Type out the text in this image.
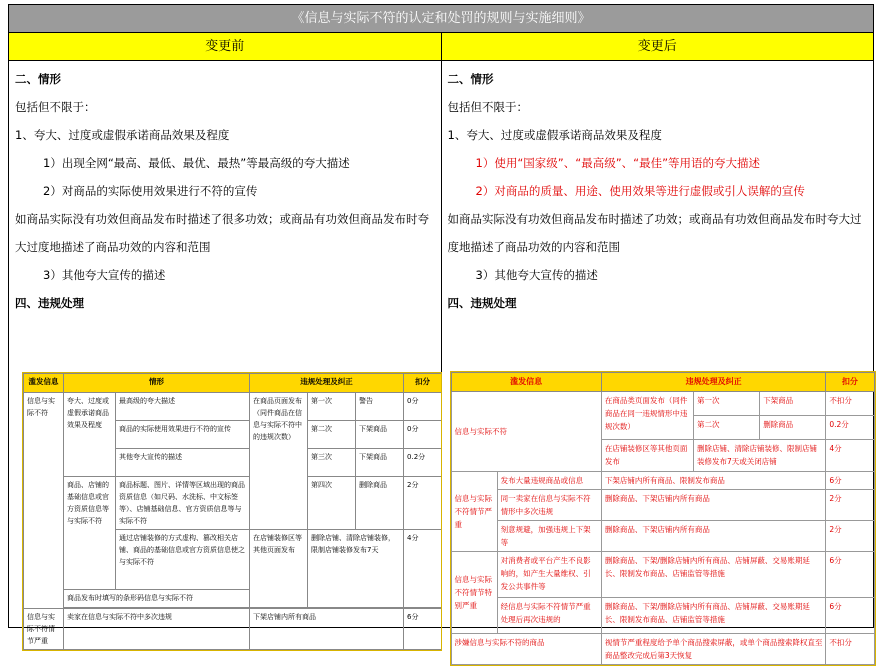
《信息与实际不符的认定和处罚的规则与实施细则》
变更前	变更后
二、情形
包括但不限于：
1、夸大、过度或虚假承诺商品效果及程度
1）出现全网“最高、最低、最优、最热”等最高级的夸大描述
2）对商品的实际使用效果进行不符的宣传
如商品实际没有功效但商品发布时描述了很多功效；或商品有功效但商品发布时夸大过度地描述了商品功效的内容和范围
3）其他夸大宣传的描述
四、违规处理
滥发信息	情形		违规处理及纠正			扣分
信息与实际不符	夸大、过度或虚假承诺商品效果及程度	最高级的夸大描述	在商品页面发布（同件商品在信息与实际不符中的违规次数）	第一次	警告	0分
		商品的实际使用效果进行不符的宣传		第二次	下架商品	0分
		其他夸大宣传的描述		第三次	下架商品	0.2分
	商品、店铺的基础信息或官方资质信息等与实际不符	商品标题、图片、详情等区域出现的商品资质信息（如尺码、水洗标、中文标签等）、店铺基础信息、官方资质信息等与实际不符		第四次	删除商品	2分
		通过店铺装修的方式虚构、篡改相关店铺、商品的基础信息或官方资质信息使之与实际不符	在店铺装修区等其他页面发布	删除店铺、清除店铺装修，限制店铺装修发布7天		4分
	商品发布时填写的条形码信息与实际不符					

信息与实际不符情节严重	卖家在信息与实际不符中多次违规		下架店铺内所有商品			6分
二、情形
包括但不限于：
1、夸大、过度或虚假承诺商品效果及程度
1）使用“国家级”、“最高级”、“最佳”等用语的夸大描述
2）对商品的质量、用途、使用效果等进行虚假或引人误解的宣传
如商品实际没有功效但商品发布时描述了功效；或商品有功效但商品发布时夸大过度地描述了商品功效的内容和范围
3）其他夸大宣传的描述
四、违规处理
滥发信息		违规处理及纠正			扣分
信息与实际不符		在商品类页面发布（同件商品在同一违规情形中违规次数）	第一次	下架商品	不扣分
			第二次	删除商品	0.2分
		在店铺装修区等其他页面发布	删除店铺、清除店铺装修、限制店铺装修发布7天或关闭店铺		4分
信息与实际不符情节严重	发布大量违规商品或信息	下架店铺内所有商品、限制发布商品			6分
	同一卖家在信息与实际不符情形中多次违规	删除商品、下架店铺内所有商品			2分
	刻意规避，加强违规上下架等	删除商品、下架店铺内所有商品			2分
信息与实际不符情节特别严重	对消费者或平台产生不良影响的，如产生大量维权、引发公共事件等	删除商品、下架/删除店铺内所有商品、店铺屏蔽、交易账期延长、限制发布商品、店铺监管等措施			6分
	经信息与实际不符情节严重处理后再次违规的	删除商品、下架/删除店铺内所有商品、店铺屏蔽、交易账期延长、限制发布商品、店铺监管等措施			6分
涉嫌信息与实际不符的商品		视情节严重程度给予单个商品搜索屏蔽，或单个商品搜索降权直至商品整改完成后第3天恢复			不扣分
